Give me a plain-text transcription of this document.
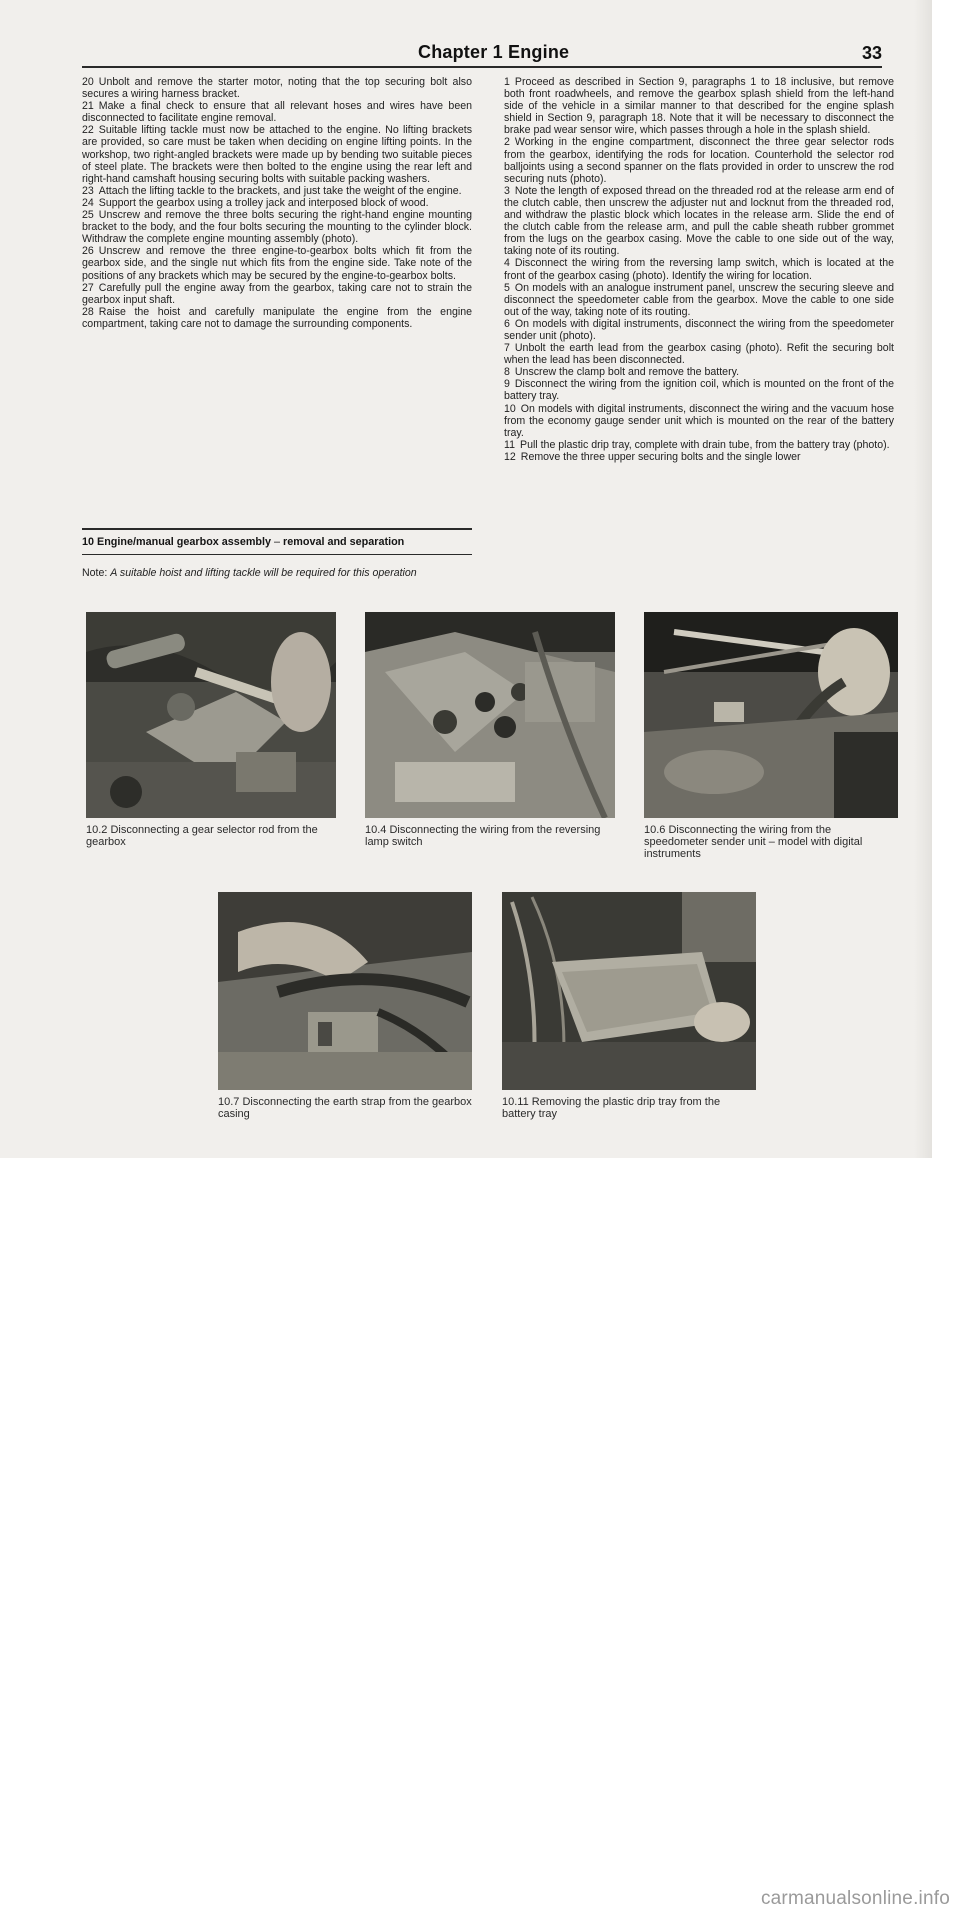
Chapter 1 Engine	33

20 Unbolt and remove the starter motor, noting that the top securing bolt also secures a wiring harness bracket.

21 Make a final check to ensure that all relevant hoses and wires have been disconnected to facilitate engine removal.

22 Suitable lifting tackle must now be attached to the engine. No lifting brackets are provided, so care must be taken when deciding on engine lifting points. In the workshop, two right-angled brackets were made up by bending two suitable pieces of steel plate. The brackets were then bolted to the engine using the rear left and right-hand camshaft housing securing bolts with suitable packing washers.

23 Attach the lifting tackle to the brackets, and just take the weight of the engine.

24 Support the gearbox using a trolley jack and interposed block of wood.

25 Unscrew and remove the three bolts securing the right-hand engine mounting bracket to the body, and the four bolts securing the mounting to the cylinder block. Withdraw the complete engine mounting assembly (photo).

26 Unscrew and remove the three engine-to-gearbox bolts which fit from the gearbox side, and the single nut which fits from the engine side. Take note of the positions of any brackets which may be secured by the engine-to-gearbox bolts.

27 Carefully pull the engine away from the gearbox, taking care not to strain the gearbox input shaft.

28 Raise the hoist and carefully manipulate the engine from the engine compartment, taking care not to damage the surrounding components.

10 Engine/manual gearbox assembly – removal and separation
Note: A suitable hoist and lifting tackle will be required for this operation

1 Proceed as described in Section 9, paragraphs 1 to 18 inclusive, but remove both front roadwheels, and remove the gearbox splash shield from the left-hand side of the vehicle in a similar manner to that described for the engine splash shield in Section 9, paragraph 18. Note that it will be necessary to disconnect the brake pad wear sensor wire, which passes through a hole in the splash shield.

2 Working in the engine compartment, disconnect the three gear selector rods from the gearbox, identifying the rods for location. Counterhold the selector rod balljoints using a second spanner on the flats provided in order to unscrew the rod securing nuts (photo).

3 Note the length of exposed thread on the threaded rod at the release arm end of the clutch cable, then unscrew the adjuster nut and locknut from the threaded rod, and withdraw the plastic block which locates in the release arm. Slide the end of the clutch cable from the release arm, and pull the cable sheath rubber grommet from the lugs on the gearbox casing. Move the cable to one side out of the way, taking note of its routing.

4 Disconnect the wiring from the reversing lamp switch, which is located at the front of the gearbox casing (photo). Identify the wiring for location.

5 On models with an analogue instrument panel, unscrew the securing sleeve and disconnect the speedometer cable from the gearbox. Move the cable to one side out of the way, taking note of its routing.

6 On models with digital instruments, disconnect the wiring from the speedometer sender unit (photo).

7 Unbolt the earth lead from the gearbox casing (photo). Refit the securing bolt when the lead has been disconnected.

8 Unscrew the clamp bolt and remove the battery.

9 Disconnect the wiring from the ignition coil, which is mounted on the front of the battery tray.

10 On models with digital instruments, disconnect the wiring and the vacuum hose from the economy gauge sender unit which is mounted on the rear of the battery tray.

11 Pull the plastic drip tray, complete with drain tube, from the battery tray (photo).

12 Remove the three upper securing bolts and the single lower

10.2 Disconnecting a gear selector rod from the gearbox
10.4 Disconnecting the wiring from the reversing lamp switch
10.6 Disconnecting the wiring from the speedometer sender unit – model with digital instruments
10.7 Disconnecting the earth strap from the gearbox casing
10.11 Removing the plastic drip tray from the battery tray
carmanualsonline.info
